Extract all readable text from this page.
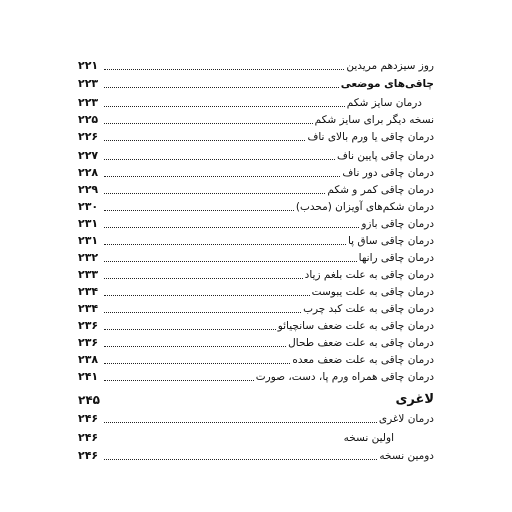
۲۲۱	روز سیزدهم مریدین
۲۲۳	چاقی‌های موضعی
۲۲۳	درمان سایز شکم
۲۲۵	نسخه دیگر برای سایز شکم
۲۲۶	درمان چاقی یا ورم بالای ناف
۲۲۷	درمان چاقی پایین ناف
۲۲۸	درمان چاقی دور ناف
۲۲۹	درمان چاقی کمر و شکم
۲۳۰	درمان شکم‌های آویزان (محدب)
۲۳۱	درمان چاقی بازو
۲۳۱	درمان چاقی ساق پا
۲۳۲	درمان چاقی رانها
۲۳۳	درمان چاقی به علت بلغم زیاد
۲۳۴	درمان چاقی به علت یبوست
۲۳۴	درمان چاقی به علت کبد چرب
۲۳۶	درمان چاقی به علت ضعف سانچیائو
۲۳۶	درمان چاقی به علت ضعف طحال
۲۳۸	درمان چاقی به علت ضعف معده
۲۴۱	درمان چاقی همراه ورم پا، دست، صورت
۲۴۵	لاغری
۲۴۶	درمان لاغری
۲۴۶	اولین نسخه
۲۴۶	دومین نسخه
